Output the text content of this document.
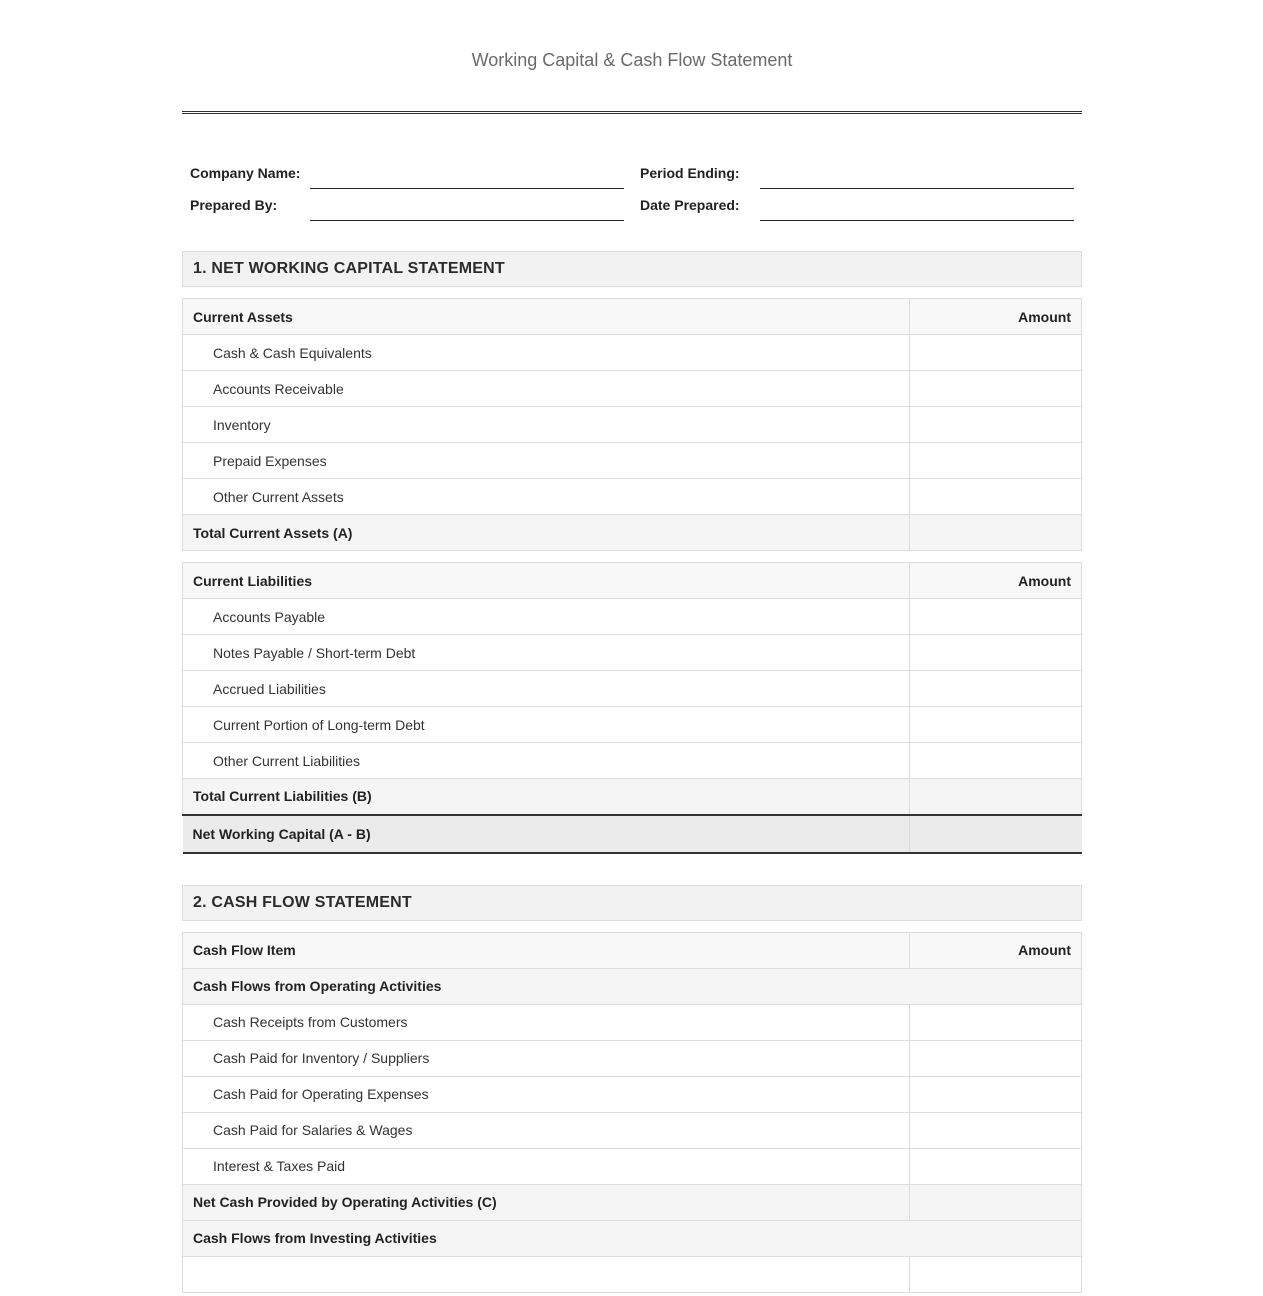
Working Capital & Cash Flow Statement
Company Name:	Period Ending:
Prepared By:	Date Prepared:
1. NET WORKING CAPITAL STATEMENT
Current Assets	Amount
Cash & Cash Equivalents	
Accounts Receivable	
Inventory	
Prepaid Expenses	
Other Current Assets	
Total Current Assets (A)	
Current Liabilities	Amount
Accounts Payable	
Notes Payable / Short-term Debt	
Accrued Liabilities	
Current Portion of Long-term Debt	
Other Current Liabilities	
Total Current Liabilities (B)	
Net Working Capital (A - B)	
2. CASH FLOW STATEMENT
Cash Flow Item	Amount
Cash Flows from Operating Activities	
Cash Receipts from Customers	
Cash Paid for Inventory / Suppliers	
Cash Paid for Operating Expenses	
Cash Paid for Salaries & Wages	
Interest & Taxes Paid	
Net Cash Provided by Operating Activities (C)	
Cash Flows from Investing Activities	
